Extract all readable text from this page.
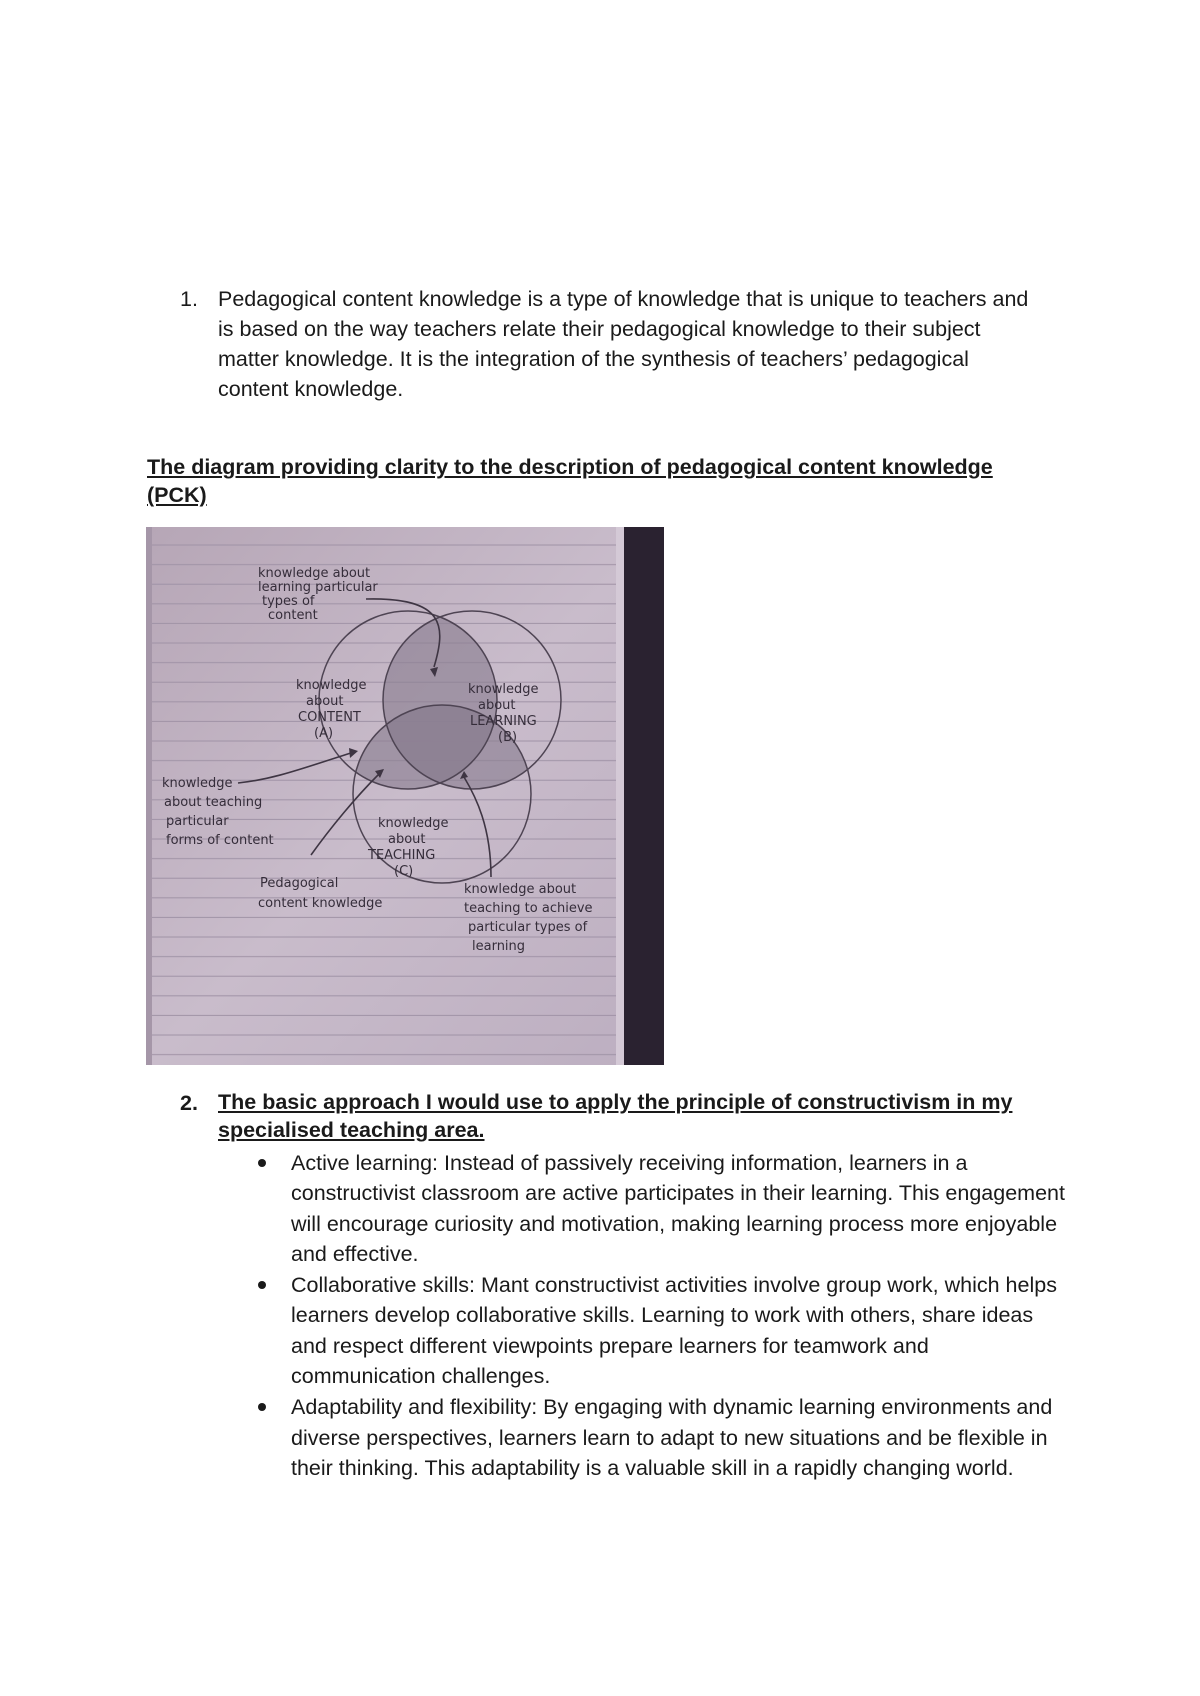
1. Pedagogical content knowledge is a type of knowledge that is unique to teachers and is based on the way teachers relate their pedagogical knowledge to their subject matter knowledge. It is the integration of the synthesis of teachers’ pedagogical content knowledge.
The diagram providing clarity to the description of pedagogical content knowledge (PCK)
knowledge about learning particular types of content
knowledge about CONTENT (A)
knowledge about LEARNING (B)
knowledge about TEACHING (C)
knowledge about teaching particular forms of content
Pedagogical content knowledge
knowledge about teaching to achieve particular types of learning
2. The basic approach I would use to apply the principle of constructivism in my specialised teaching area.
Active learning: Instead of passively receiving information, learners in a constructivist classroom are active participates in their learning. This engagement will encourage curiosity and motivation, making learning process more enjoyable and effective.
Collaborative skills: Mant constructivist activities involve group work, which helps learners develop collaborative skills. Learning to work with others, share ideas and respect different viewpoints prepare learners for teamwork and communication challenges.
Adaptability and flexibility: By engaging with dynamic learning environments and diverse perspectives, learners learn to adapt to new situations and be flexible in their thinking. This adaptability is a valuable skill in a rapidly changing world.
